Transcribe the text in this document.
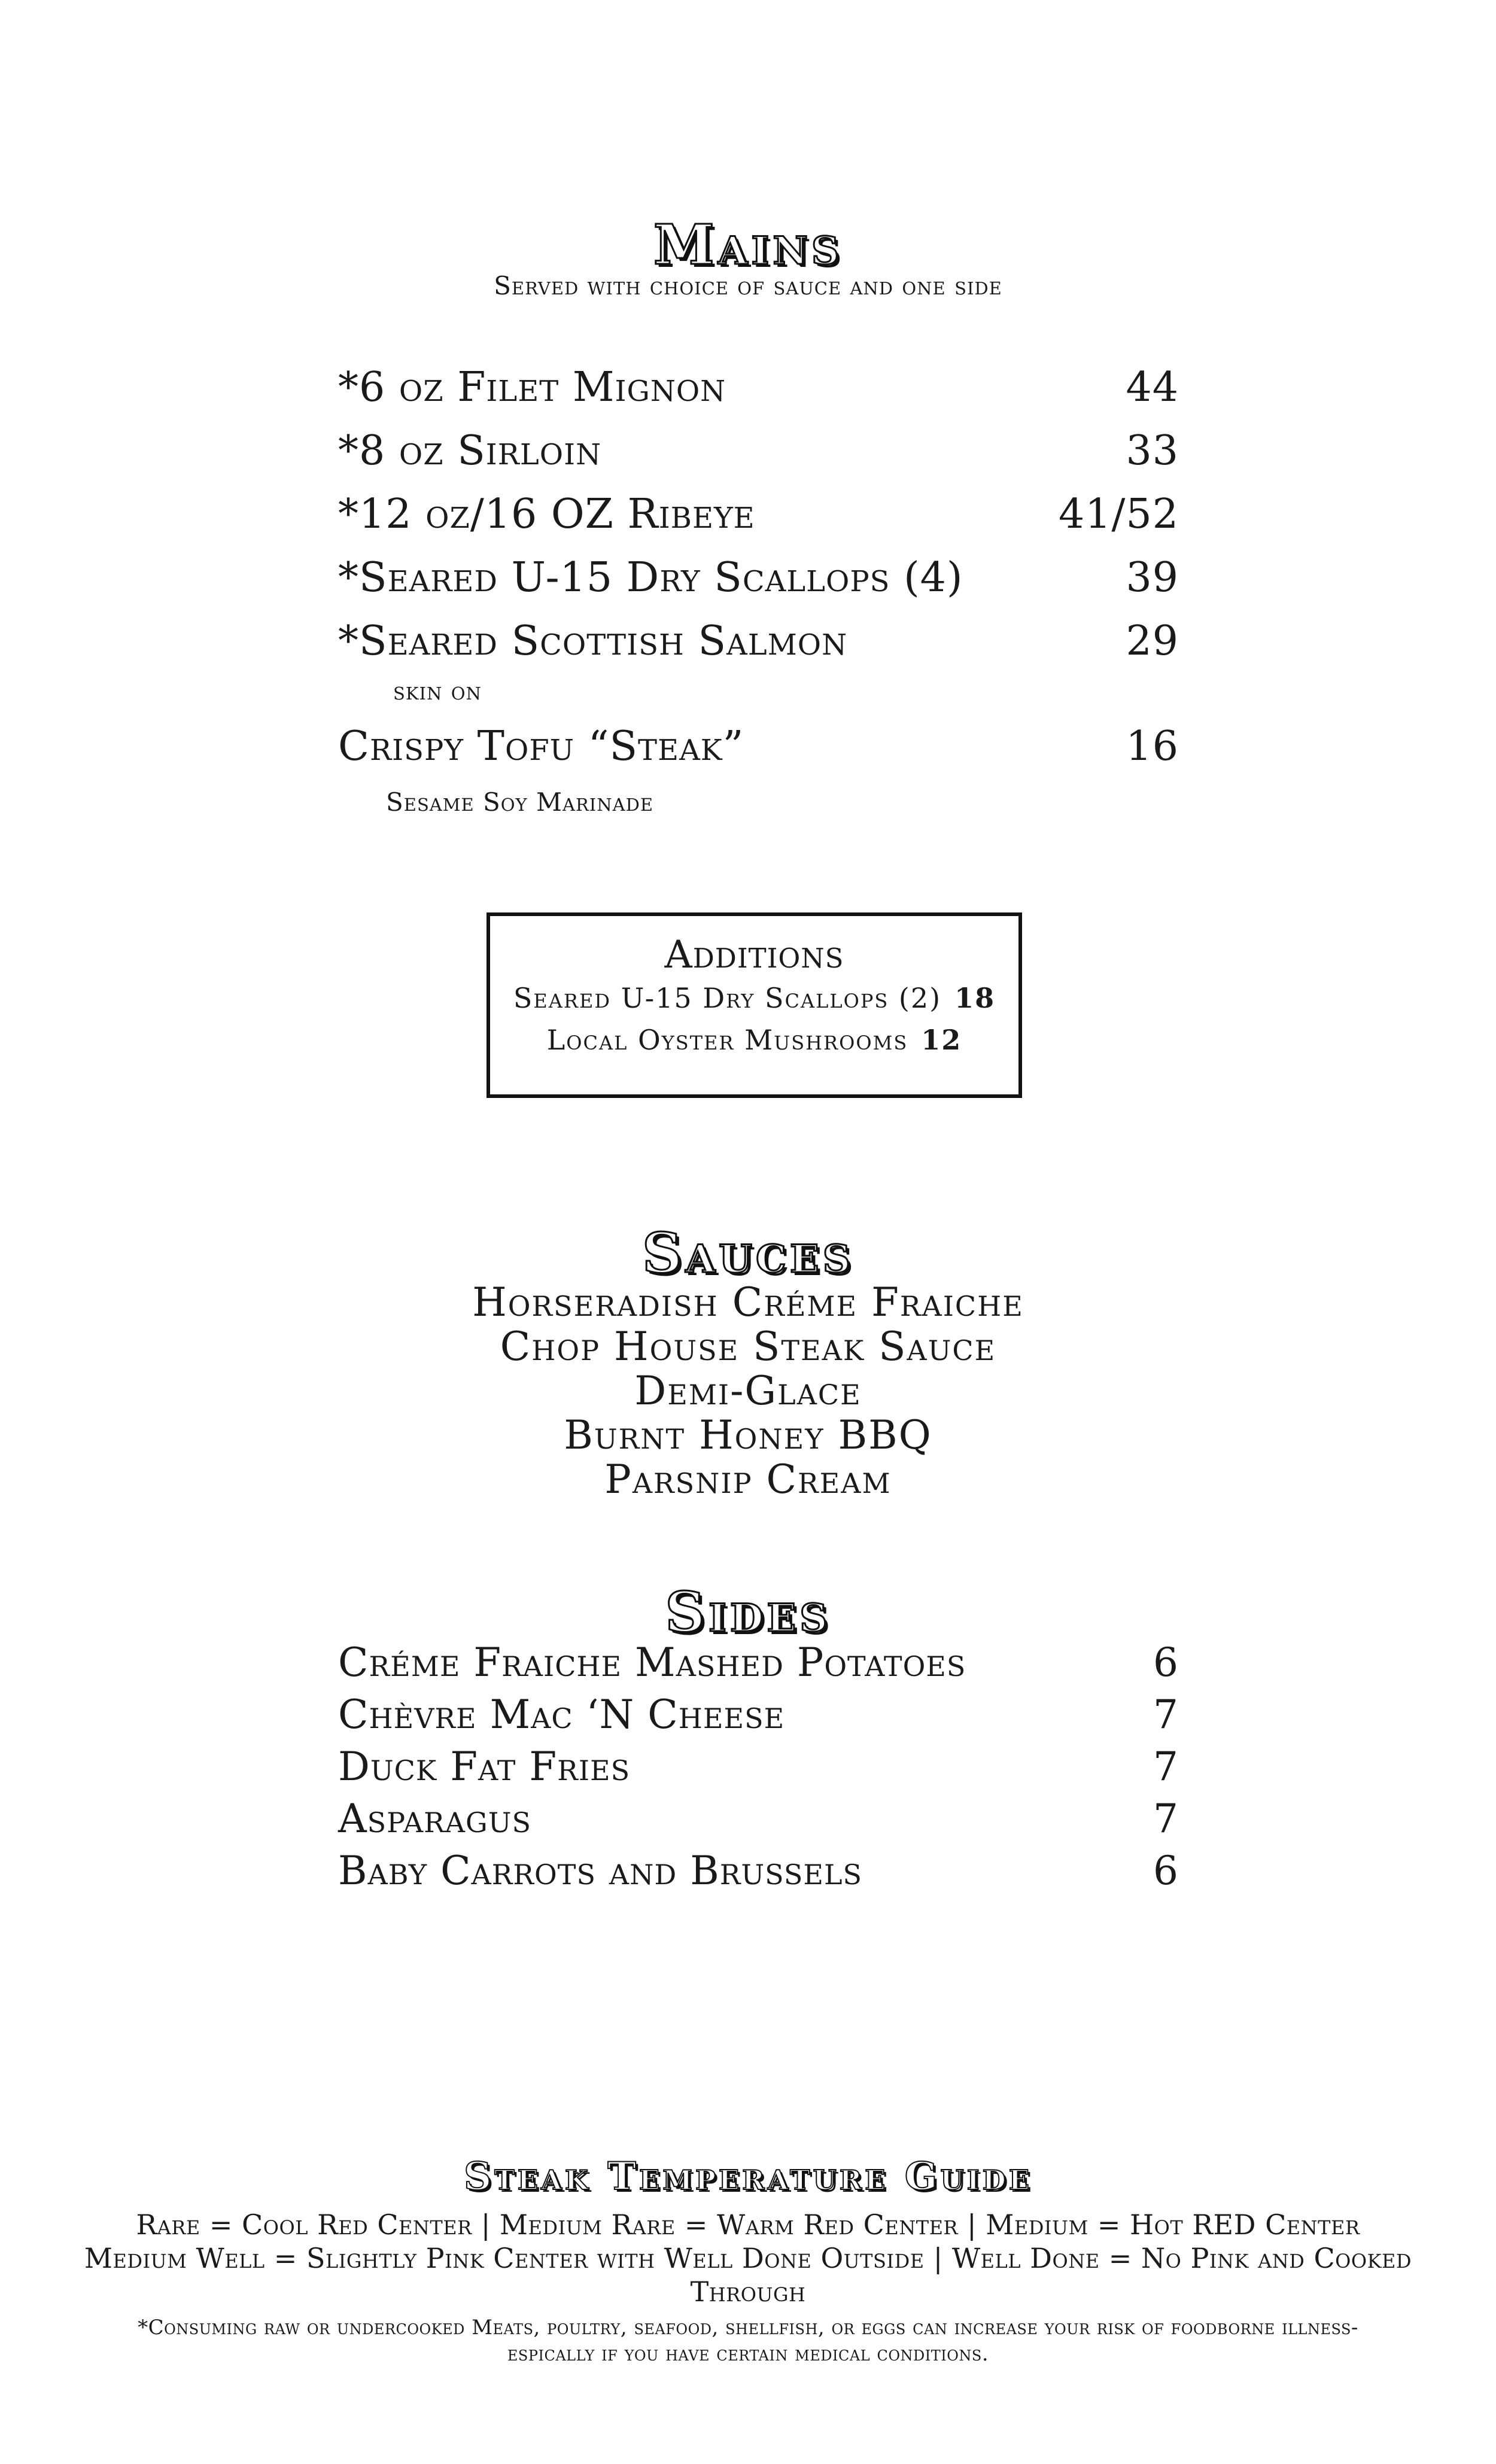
Mains
Served with choice of sauce and one side
*6 oz Filet Mignon	44
*8 oz Sirloin	33
*12 oz/16 OZ Ribeye	41/52
*Seared U-15 Dry Scallops (4)	39
*Seared Scottish Salmon	29
skin on
Crispy Tofu “Steak”	16
Sesame Soy Marinade
Additions
Seared U-15 Dry Scallops (2) 18
Local Oyster Mushrooms 12
Sauces
Horseradish Créme Fraiche
Chop House Steak Sauce
Demi-Glace
Burnt Honey BBQ
Parsnip Cream
Sides
Créme Fraiche Mashed Potatoes	6
Chèvre Mac ‘N Cheese	7
Duck Fat Fries	7
Asparagus	7
Baby Carrots and Brussels	6
Steak Temperature Guide
Rare = Cool Red Center | Medium Rare = Warm Red Center | Medium = Hot RED Center
Medium Well = Slightly Pink Center with Well Done Outside | Well Done = No Pink and Cooked
Through
*Consuming raw or undercooked Meats, poultry, seafood, shellfish, or eggs can increase your risk of foodborne illness-espically if you have certain medical conditions.
